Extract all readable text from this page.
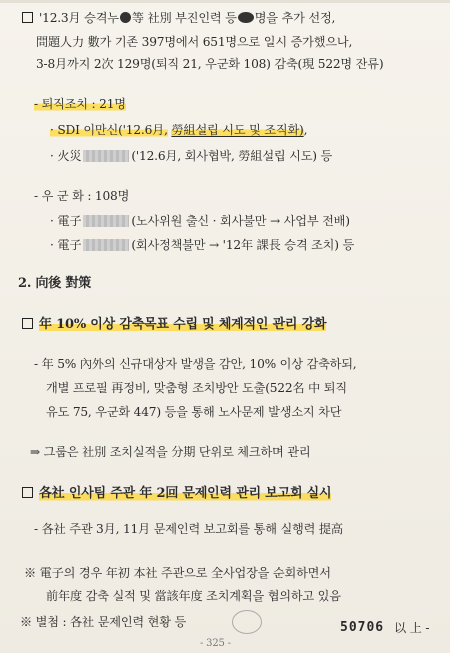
'12.3月 승격누 等 社別 부진인력 등 명을 추가 선정,
問題人力 數가 기존 397명에서 651명으로 일시 증가했으나,
3-8月까지 2次 129명(퇴직 21, 우군화 108) 감축(現 522명 잔류)
- 퇴직조치 : 21명
· SDI 이만신('12.6月, 勞組설립 시도 및 조직화),
· 火災	('12.6月, 회사협박, 勞組설립 시도) 등
- 우 군 화 : 108명
· 電子	(노사위원 출신 · 회사불만 → 사업부 전배)
· 電子	(회사정책불만 → '12年 課長 승격 조치) 등
2. 向後 對策
年 10% 이상 감축목표 수립 및 체계적인 관리 강화
- 年 5% 內外의 신규대상자 발생을 감안, 10% 이상 감축하되,
개별 프로필 再정비, 맞춤형 조치방안 도출(522名 中 퇴직
유도 75, 우군화 447) 등을 통해 노사문제 발생소지 차단
⇒ 그룹은 社別 조치실적을 分期 단위로 체크하며 관리
各社 인사팀 주관 年 2回 문제인력 관리 보고회 실시
- 各社 주관 3月, 11月 문제인력 보고회를 통해 실행력 提高
※ 電子의 경우 年初 本社 주관으로 全사업장을 순회하면서
前年度 감축 실적 및 當該年度 조치계획을 협의하고 있음
※ 별첨 : 各社 문제인력 현황 등	50706 以 上 -
- 325 -
